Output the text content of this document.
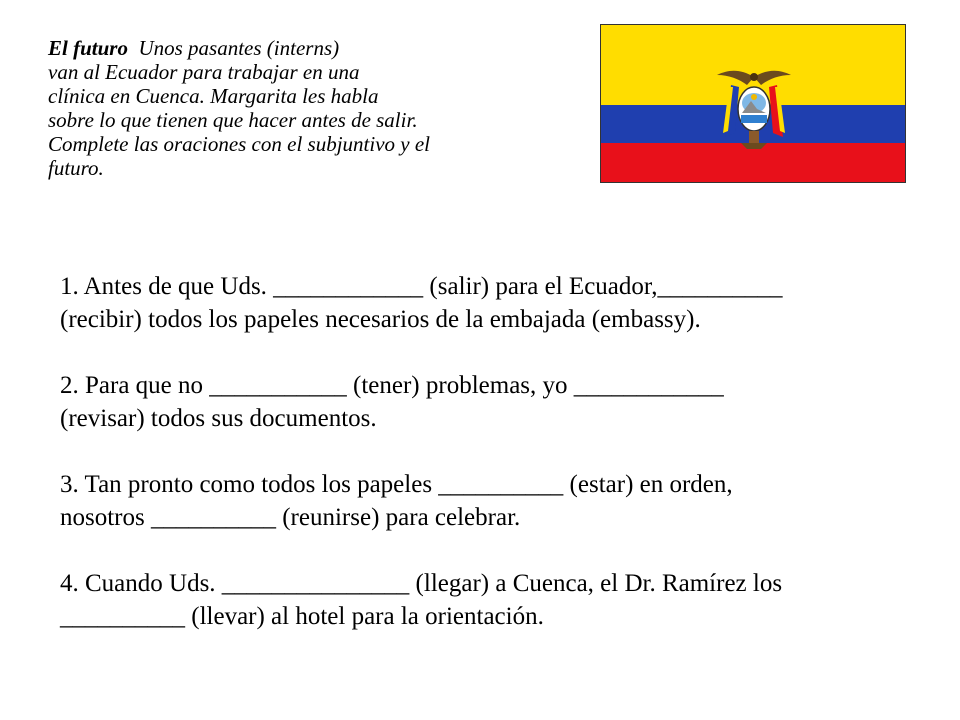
El futuro Unos pasantes (interns)
van al Ecuador para trabajar en una
clínica en Cuenca. Margarita les habla
sobre lo que tienen que hacer antes de salir.
Complete las oraciones con el subjuntivo y el
futuro.
1. Antes de que Uds. ____________ (salir) para el Ecuador,__________
(recibir) todos los papeles necesarios de la embajada (embassy).
2. Para que no ___________ (tener) problemas, yo ____________
(revisar) todos sus documentos.
3. Tan pronto como todos los papeles __________ (estar) en orden,
nosotros __________ (reunirse) para celebrar.
4. Cuando Uds. _______________ (llegar) a Cuenca, el Dr. Ramírez los
__________ (llevar) al hotel para la orientación.
